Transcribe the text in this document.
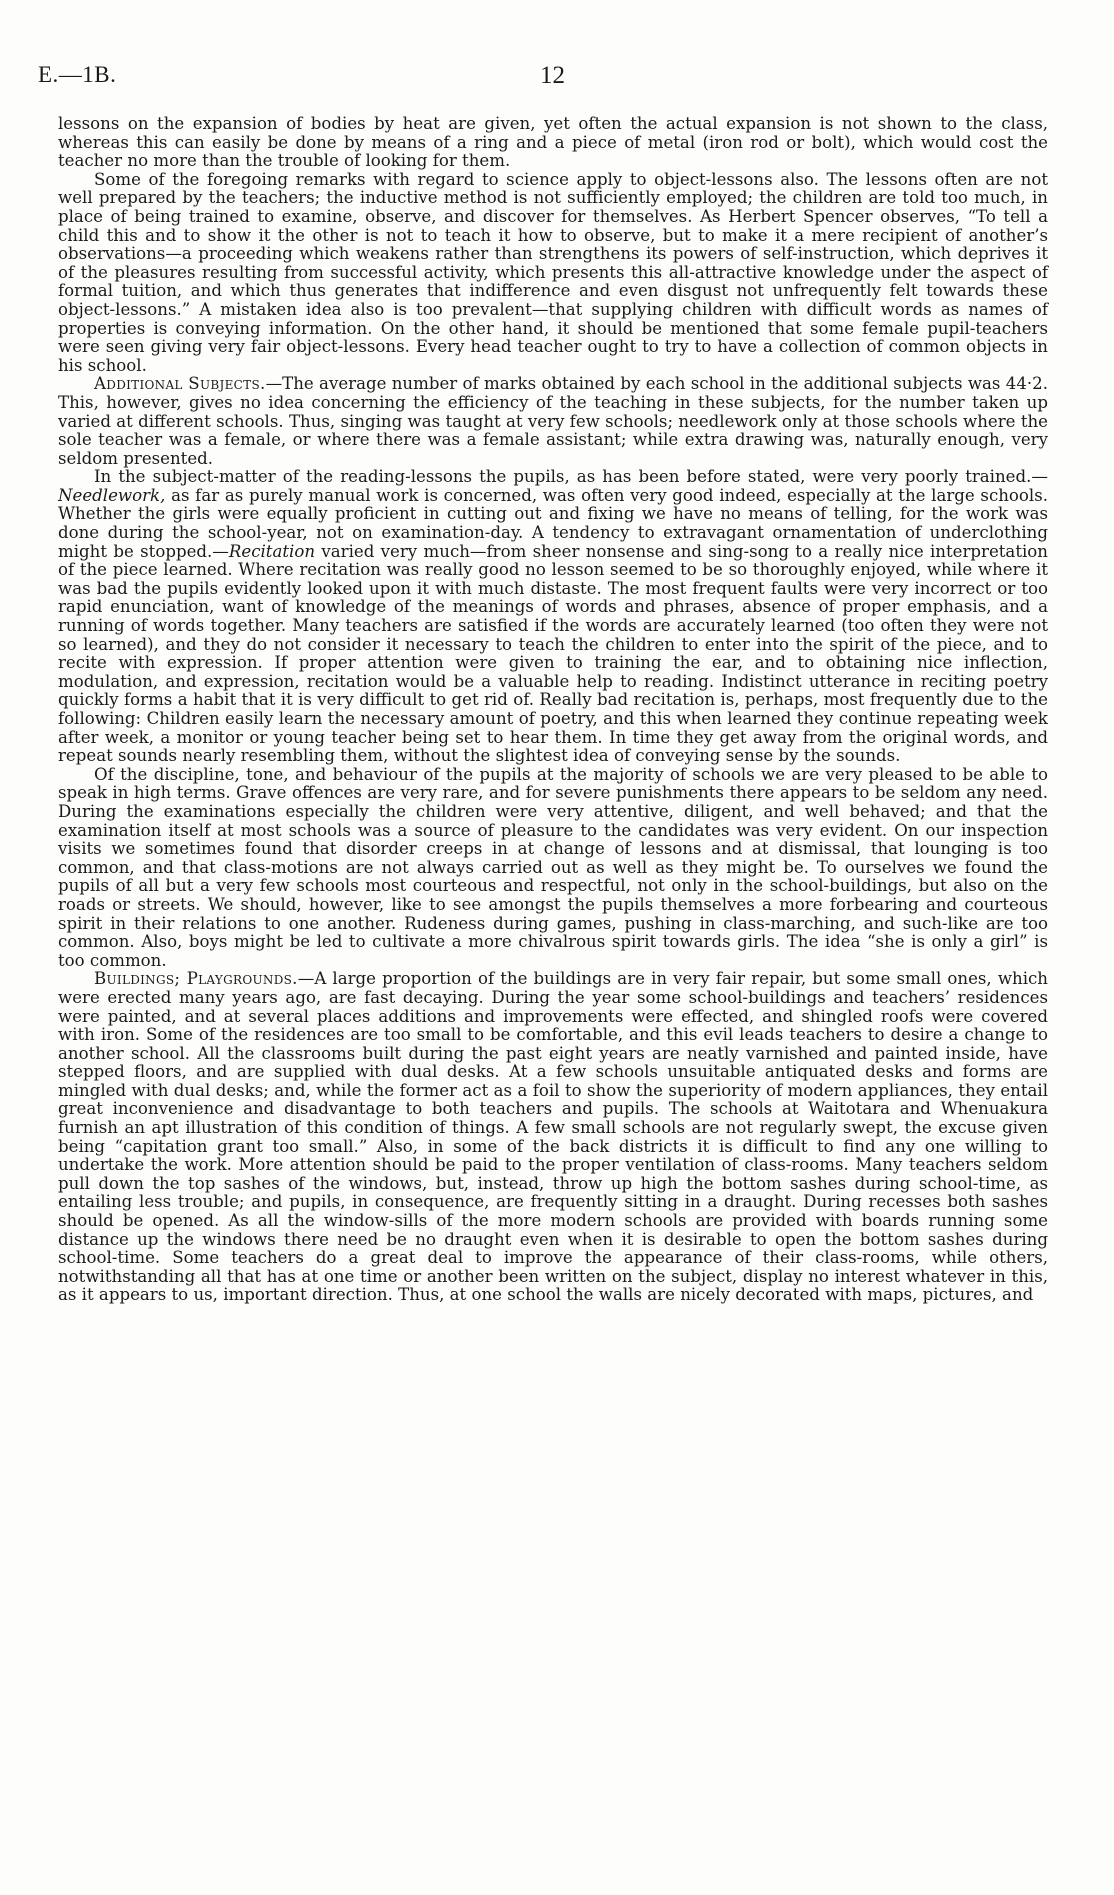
E.—1B.	12

lessons on the expansion of bodies by heat are given, yet often the actual expansion is not shown to the class, whereas this can easily be done by means of a ring and a piece of metal (iron rod or bolt), which would cost the teacher no more than the trouble of looking for them.

Some of the foregoing remarks with regard to science apply to object-lessons also. The lessons often are not well prepared by the teachers; the inductive method is not sufficiently employed; the children are told too much, in place of being trained to examine, observe, and discover for themselves. As Herbert Spencer observes, “To tell a child this and to show it the other is not to teach it how to observe, but to make it a mere recipient of another’s observations—a proceeding which weakens rather than strengthens its powers of self-instruction, which deprives it of the pleasures resulting from successful activity, which presents this all-attractive knowledge under the aspect of formal tuition, and which thus generates that indifference and even disgust not unfrequently felt towards these object-lessons.” A mistaken idea also is too prevalent—that supplying children with difficult words as names of properties is conveying information. On the other hand, it should be mentioned that some female pupil-teachers were seen giving very fair object-lessons. Every head teacher ought to try to have a collection of common objects in his school.

Additional Subjects.—The average number of marks obtained by each school in the additional subjects was 44·2. This, however, gives no idea concerning the efficiency of the teaching in these subjects, for the number taken up varied at different schools. Thus, singing was taught at very few schools; needlework only at those schools where the sole teacher was a female, or where there was a female assistant; while extra drawing was, naturally enough, very seldom presented.

In the subject-matter of the reading-lessons the pupils, as has been before stated, were very poorly trained.—Needlework, as far as purely manual work is concerned, was often very good indeed, especially at the large schools. Whether the girls were equally proficient in cutting out and fixing we have no means of telling, for the work was done during the school-year, not on examination-day. A tendency to extravagant ornamentation of underclothing might be stopped.—Recitation varied very much—from sheer nonsense and sing-song to a really nice interpretation of the piece learned. Where recitation was really good no lesson seemed to be so thoroughly enjoyed, while where it was bad the pupils evidently looked upon it with much distaste. The most frequent faults were very incorrect or too rapid enunciation, want of knowledge of the meanings of words and phrases, absence of proper emphasis, and a running of words together. Many teachers are satisfied if the words are accurately learned (too often they were not so learned), and they do not consider it necessary to teach the children to enter into the spirit of the piece, and to recite with expression. If proper attention were given to training the ear, and to obtaining nice inflection, modulation, and expression, recitation would be a valuable help to reading. Indistinct utterance in reciting poetry quickly forms a habit that it is very difficult to get rid of. Really bad recitation is, perhaps, most frequently due to the following: Children easily learn the necessary amount of poetry, and this when learned they continue repeating week after week, a monitor or young teacher being set to hear them. In time they get away from the original words, and repeat sounds nearly resembling them, without the slightest idea of conveying sense by the sounds.

Of the discipline, tone, and behaviour of the pupils at the majority of schools we are very pleased to be able to speak in high terms. Grave offences are very rare, and for severe punishments there appears to be seldom any need. During the examinations especially the children were very attentive, diligent, and well behaved; and that the examination itself at most schools was a source of pleasure to the candidates was very evident. On our inspection visits we sometimes found that disorder creeps in at change of lessons and at dismissal, that lounging is too common, and that class-motions are not always carried out as well as they might be. To ourselves we found the pupils of all but a very few schools most courteous and respectful, not only in the school-buildings, but also on the roads or streets. We should, however, like to see amongst the pupils themselves a more forbearing and courteous spirit in their relations to one another. Rudeness during games, pushing in class-marching, and such-like are too common. Also, boys might be led to cultivate a more chivalrous spirit towards girls. The idea “she is only a girl” is too common.

Buildings; Playgrounds.—A large proportion of the buildings are in very fair repair, but some small ones, which were erected many years ago, are fast decaying. During the year some school-buildings and teachers’ residences were painted, and at several places additions and improvements were effected, and shingled roofs were covered with iron. Some of the residences are too small to be comfortable, and this evil leads teachers to desire a change to another school. All the classrooms built during the past eight years are neatly varnished and painted inside, have stepped floors, and are supplied with dual desks. At a few schools unsuitable antiquated desks and forms are mingled with dual desks; and, while the former act as a foil to show the superiority of modern appliances, they entail great inconvenience and disadvantage to both teachers and pupils. The schools at Waitotara and Whenuakura furnish an apt illustration of this condition of things. A few small schools are not regularly swept, the excuse given being “capitation grant too small.” Also, in some of the back districts it is difficult to find any one willing to undertake the work. More attention should be paid to the proper ventilation of class-rooms. Many teachers seldom pull down the top sashes of the windows, but, instead, throw up high the bottom sashes during school-time, as entailing less trouble; and pupils, in consequence, are frequently sitting in a draught. During recesses both sashes should be opened. As all the window-sills of the more modern schools are provided with boards running some distance up the windows there need be no draught even when it is desirable to open the bottom sashes during school-time. Some teachers do a great deal to improve the appearance of their class-rooms, while others, notwithstanding all that has at one time or another been written on the subject, display no interest whatever in this, as it appears to us, important direction. Thus, at one school the walls are nicely decorated with maps, pictures, and
